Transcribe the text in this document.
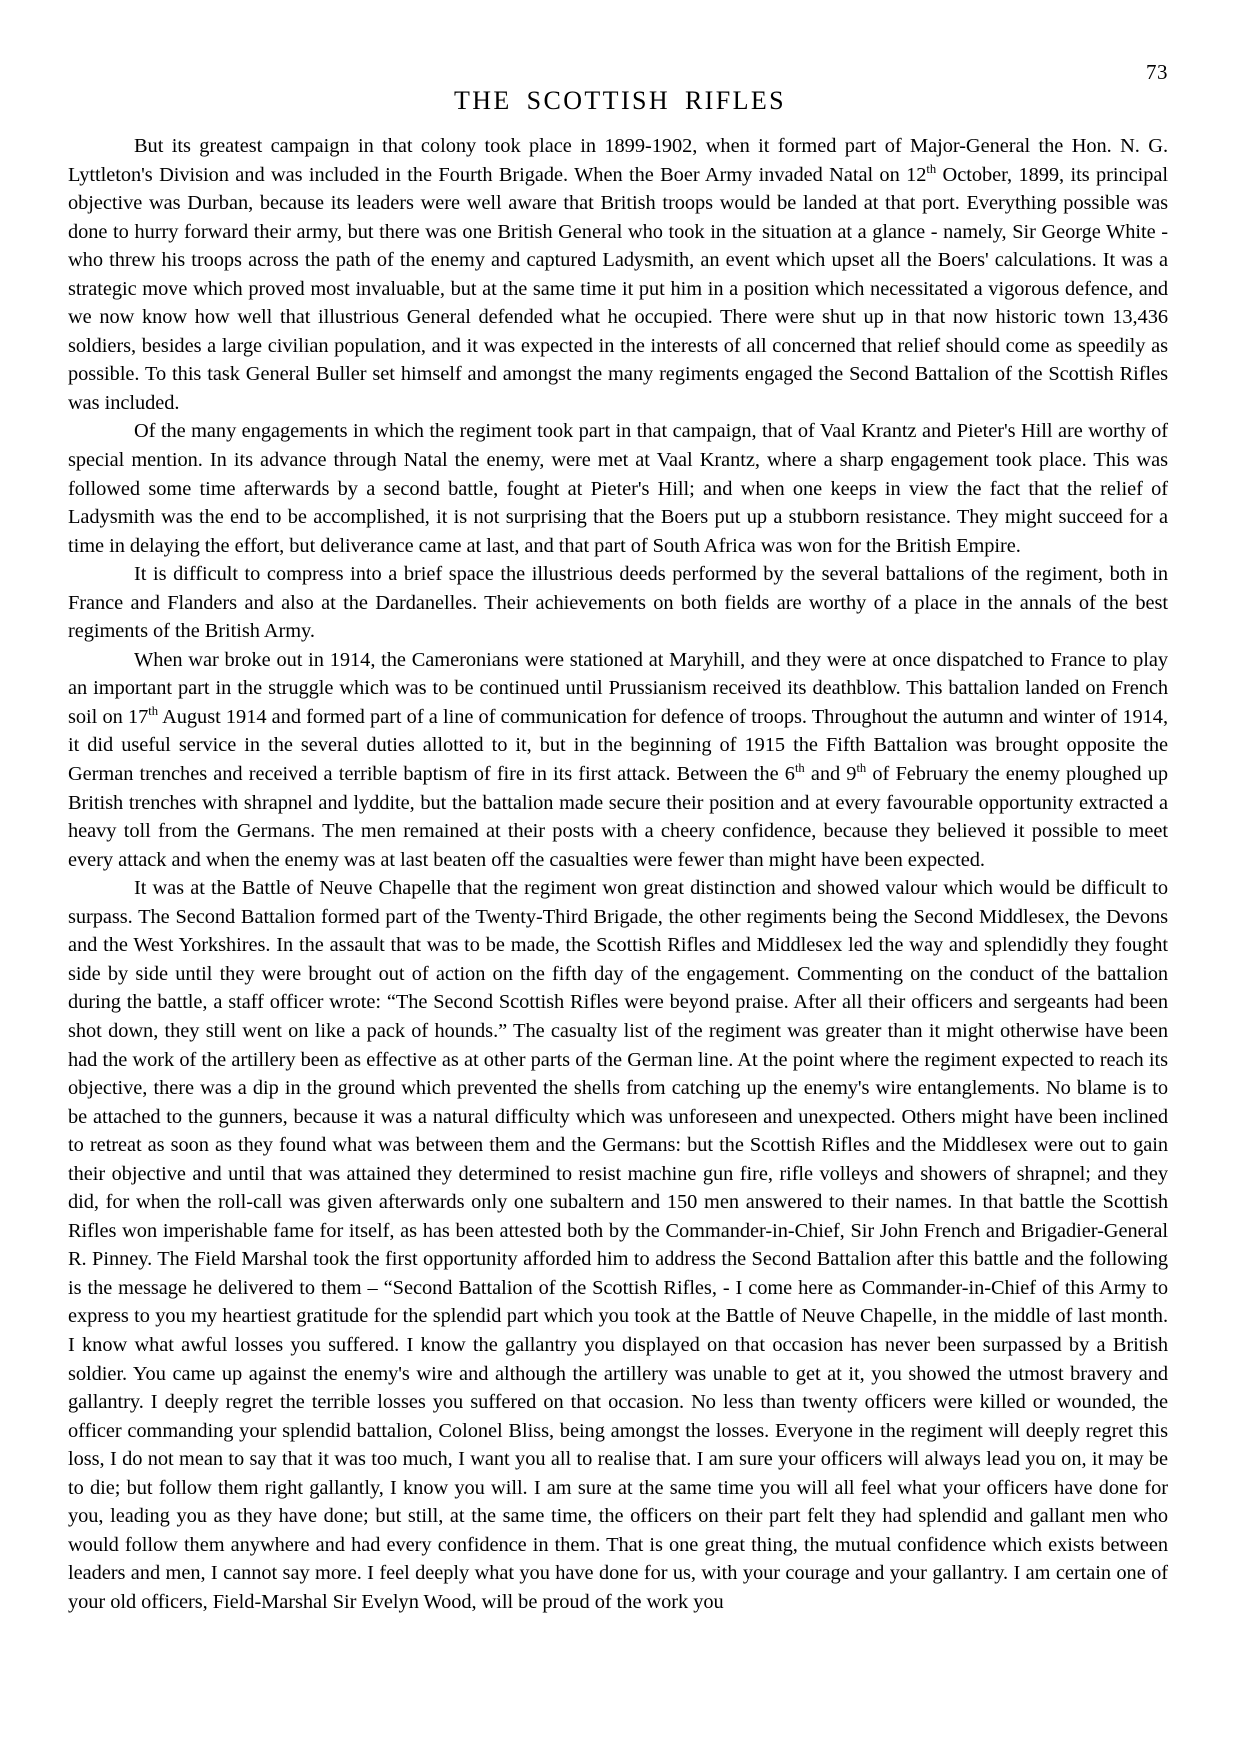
73
THE SCOTTISH RIFLES

But its greatest campaign in that colony took place in 1899-1902, when it formed part of Major-General the Hon. N. G. Lyttleton's Division and was included in the Fourth Brigade. When the Boer Army invaded Natal on 12th October, 1899, its principal objective was Durban, because its leaders were well aware that British troops would be landed at that port. Everything possible was done to hurry forward their army, but there was one British General who took in the situation at a glance - namely, Sir George White - who threw his troops across the path of the enemy and captured Ladysmith, an event which upset all the Boers' calculations. It was a strategic move which proved most invaluable, but at the same time it put him in a position which necessitated a vigorous defence, and we now know how well that illustrious General defended what he occupied. There were shut up in that now historic town 13,436 soldiers, besides a large civilian population, and it was expected in the interests of all concerned that relief should come as speedily as possible. To this task General Buller set himself and amongst the many regiments engaged the Second Battalion of the Scottish Rifles was included.

Of the many engagements in which the regiment took part in that campaign, that of Vaal Krantz and Pieter's Hill are worthy of special mention. In its advance through Natal the enemy, were met at Vaal Krantz, where a sharp engagement took place. This was followed some time afterwards by a second battle, fought at Pieter's Hill; and when one keeps in view the fact that the relief of Ladysmith was the end to be accomplished, it is not surprising that the Boers put up a stubborn resistance. They might succeed for a time in delaying the effort, but deliverance came at last, and that part of South Africa was won for the British Empire.

It is difficult to compress into a brief space the illustrious deeds performed by the several battalions of the regiment, both in France and Flanders and also at the Dardanelles. Their achievements on both fields are worthy of a place in the annals of the best regiments of the British Army.

When war broke out in 1914, the Cameronians were stationed at Maryhill, and they were at once dispatched to France to play an important part in the struggle which was to be continued until Prussianism received its deathblow. This battalion landed on French soil on 17th August 1914 and formed part of a line of communication for defence of troops. Throughout the autumn and winter of 1914, it did useful service in the several duties allotted to it, but in the beginning of 1915 the Fifth Battalion was brought opposite the German trenches and received a terrible baptism of fire in its first attack. Between the 6th and 9th of February the enemy ploughed up British trenches with shrapnel and lyddite, but the battalion made secure their position and at every favourable opportunity extracted a heavy toll from the Germans. The men remained at their posts with a cheery confidence, because they believed it possible to meet every attack and when the enemy was at last beaten off the casualties were fewer than might have been expected.

It was at the Battle of Neuve Chapelle that the regiment won great distinction and showed valour which would be difficult to surpass. The Second Battalion formed part of the Twenty-Third Brigade, the other regiments being the Second Middlesex, the Devons and the West Yorkshires. In the assault that was to be made, the Scottish Rifles and Middlesex led the way and splendidly they fought side by side until they were brought out of action on the fifth day of the engagement. Commenting on the conduct of the battalion during the battle, a staff officer wrote: “The Second Scottish Rifles were beyond praise. After all their officers and sergeants had been shot down, they still went on like a pack of hounds.” The casualty list of the regiment was greater than it might otherwise have been had the work of the artillery been as effective as at other parts of the German line. At the point where the regiment expected to reach its objective, there was a dip in the ground which prevented the shells from catching up the enemy's wire entanglements. No blame is to be attached to the gunners, because it was a natural difficulty which was unforeseen and unexpected. Others might have been inclined to retreat as soon as they found what was between them and the Germans: but the Scottish Rifles and the Middlesex were out to gain their objective and until that was attained they determined to resist machine gun fire, rifle volleys and showers of shrapnel; and they did, for when the roll-call was given afterwards only one subaltern and 150 men answered to their names. In that battle the Scottish Rifles won imperishable fame for itself, as has been attested both by the Commander-in-Chief, Sir John French and Brigadier-General R. Pinney. The Field Marshal took the first opportunity afforded him to address the Second Battalion after this battle and the following is the message he delivered to them – “Second Battalion of the Scottish Rifles, - I come here as Commander-in-Chief of this Army to express to you my heartiest gratitude for the splendid part which you took at the Battle of Neuve Chapelle, in the middle of last month. I know what awful losses you suffered. I know the gallantry you displayed on that occasion has never been surpassed by a British soldier. You came up against the enemy's wire and although the artillery was unable to get at it, you showed the utmost bravery and gallantry. I deeply regret the terrible losses you suffered on that occasion. No less than twenty officers were killed or wounded, the officer commanding your splendid battalion, Colonel Bliss, being amongst the losses. Everyone in the regiment will deeply regret this loss, I do not mean to say that it was too much, I want you all to realise that. I am sure your officers will always lead you on, it may be to die; but follow them right gallantly, I know you will. I am sure at the same time you will all feel what your officers have done for you, leading you as they have done; but still, at the same time, the officers on their part felt they had splendid and gallant men who would follow them anywhere and had every confidence in them. That is one great thing, the mutual confidence which exists between leaders and men, I cannot say more. I feel deeply what you have done for us, with your courage and your gallantry. I am certain one of your old officers, Field-Marshal Sir Evelyn Wood, will be proud of the work you
